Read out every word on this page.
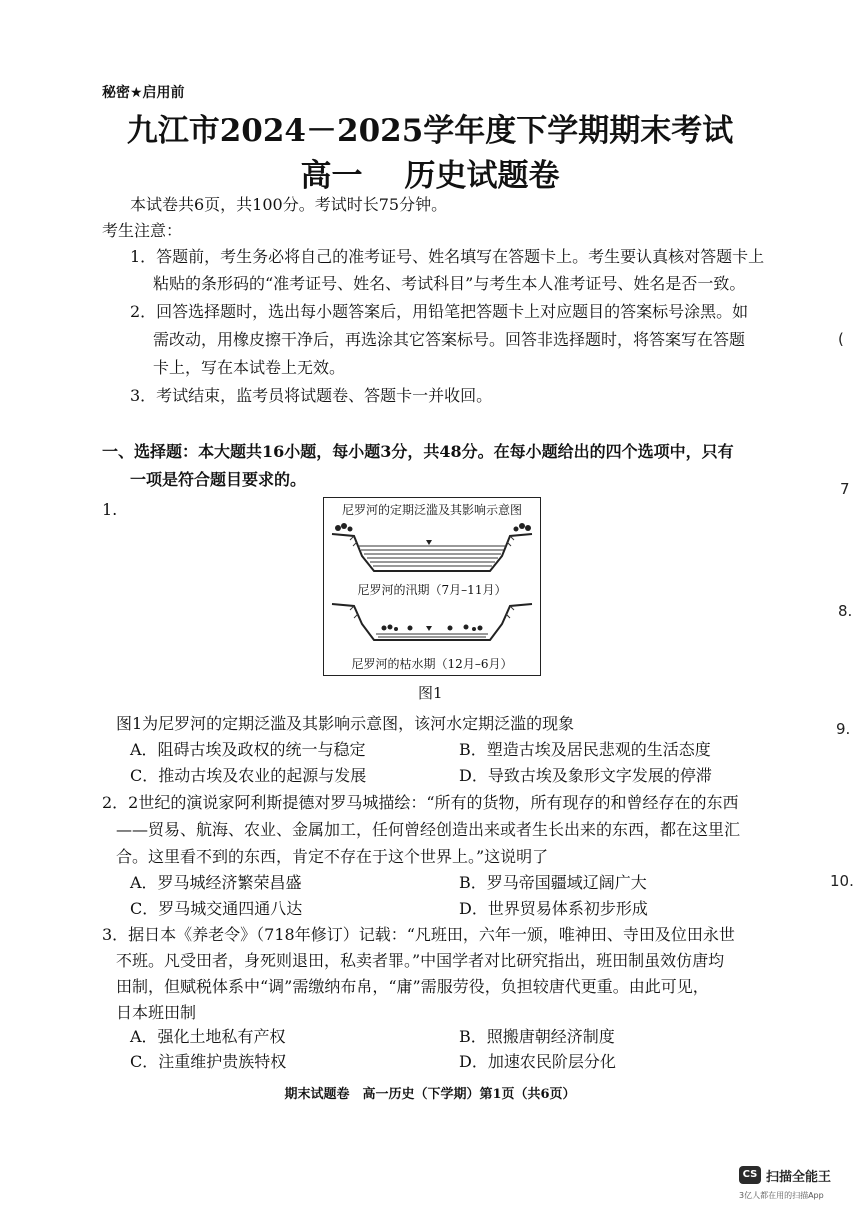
秘密★启用前
九江市2024－2025学年度下学期期末考试
高一 历史试题卷
本试卷共6页，共100分。考试时长75分钟。
考生注意：
1．答题前，考生务必将自己的准考证号、姓名填写在答题卡上。考生要认真核对答题卡上
粘贴的条形码的“准考证号、姓名、考试科目”与考生本人准考证号、姓名是否一致。
2．回答选择题时，选出每小题答案后，用铅笔把答题卡上对应题目的答案标号涂黑。如
需改动，用橡皮擦干净后，再选涂其它答案标号。回答非选择题时，将答案写在答题
卡上，写在本试卷上无效。
3．考试结束，监考员将试题卷、答题卡一并收回。
一、选择题：本大题共16小题，每小题3分，共48分。在每小题给出的四个选项中，只有
一项是符合题目要求的。
1.	尼罗河的定期泛滥及其影响示意图
尼罗河的汛期（7月–11月）
尼罗河的枯水期（12月–6月）
图1
图1为尼罗河的定期泛滥及其影响示意图，该河水定期泛滥的现象
A．阻碍古埃及政权的统一与稳定	B．塑造古埃及居民悲观的生活态度
C．推动古埃及农业的起源与发展	D．导致古埃及象形文字发展的停滞
2．2世纪的演说家阿利斯提德对罗马城描绘：“所有的货物，所有现存的和曾经存在的东西
——贸易、航海、农业、金属加工，任何曾经创造出来或者生长出来的东西，都在这里汇
合。这里看不到的东西，肯定不存在于这个世界上。”这说明了
A．罗马城经济繁荣昌盛	B．罗马帝国疆域辽阔广大
C．罗马城交通四通八达	D．世界贸易体系初步形成
3．据日本《养老令》（718年修订）记载：“凡班田，六年一颁，唯神田、寺田及位田永世
不班。凡受田者，身死则退田，私卖者罪。”中国学者对比研究指出，班田制虽效仿唐均
田制，但赋税体系中“调”需缴纳布帛，“庸”需服劳役，负担较唐代更重。由此可见，
日本班田制
A．强化土地私有产权	B．照搬唐朝经济制度
C．注重维护贵族特权	D．加速农民阶层分化
期末试题卷　高一历史（下学期）第1页（共6页）
(
7
8.
9.
10.
CS 扫描全能王
3亿人都在用的扫描App
